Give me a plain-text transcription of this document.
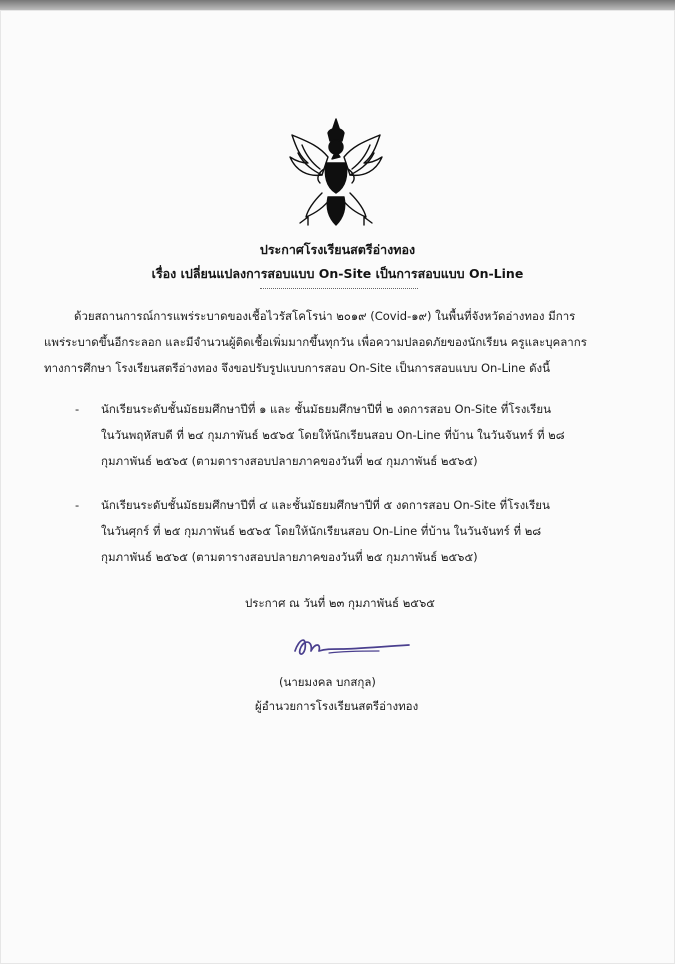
ประกาศโรงเรียนสตรีอ่างทอง
เรื่อง เปลี่ยนแปลงการสอบแบบ On-Site เป็นการสอบแบบ On-Line
ด้วยสถานการณ์การแพร่ระบาดของเชื้อไวรัสโคโรน่า ๒๐๑๙ (Covid-๑๙) ในพื้นที่จังหวัดอ่างทอง มีการ
แพร่ระบาดขึ้นอีกระลอก และมีจำนวนผู้ติดเชื้อเพิ่มมากขึ้นทุกวัน เพื่อความปลอดภัยของนักเรียน ครูและบุคลากร
ทางการศึกษา โรงเรียนสตรีอ่างทอง จึงขอปรับรูปแบบการสอบ On-Site เป็นการสอบแบบ On-Line ดังนี้
-	นักเรียนระดับชั้นมัธยมศึกษาปีที่ ๑ และ ชั้นมัธยมศึกษาปีที่ ๒ งดการสอบ On-Site ที่โรงเรียน
ในวันพฤหัสบดี ที่ ๒๔ กุมภาพันธ์ ๒๕๖๕ โดยให้นักเรียนสอบ On-Line ที่บ้าน ในวันจันทร์ ที่ ๒๘
กุมภาพันธ์ ๒๕๖๕ (ตามตารางสอบปลายภาคของวันที่ ๒๔ กุมภาพันธ์ ๒๕๖๕)
-	นักเรียนระดับชั้นมัธยมศึกษาปีที่ ๔ และชั้นมัธยมศึกษาปีที่ ๕ งดการสอบ On-Site ที่โรงเรียน
ในวันศุกร์ ที่ ๒๕ กุมภาพันธ์ ๒๕๖๕ โดยให้นักเรียนสอบ On-Line ที่บ้าน ในวันจันทร์ ที่ ๒๘
กุมภาพันธ์ ๒๕๖๕ (ตามตารางสอบปลายภาคของวันที่ ๒๕ กุมภาพันธ์ ๒๕๖๕)
ประกาศ ณ วันที่ ๒๓ กุมภาพันธ์ ๒๕๖๕
(นายมงคล บกสกุล)
ผู้อำนวยการโรงเรียนสตรีอ่างทอง
